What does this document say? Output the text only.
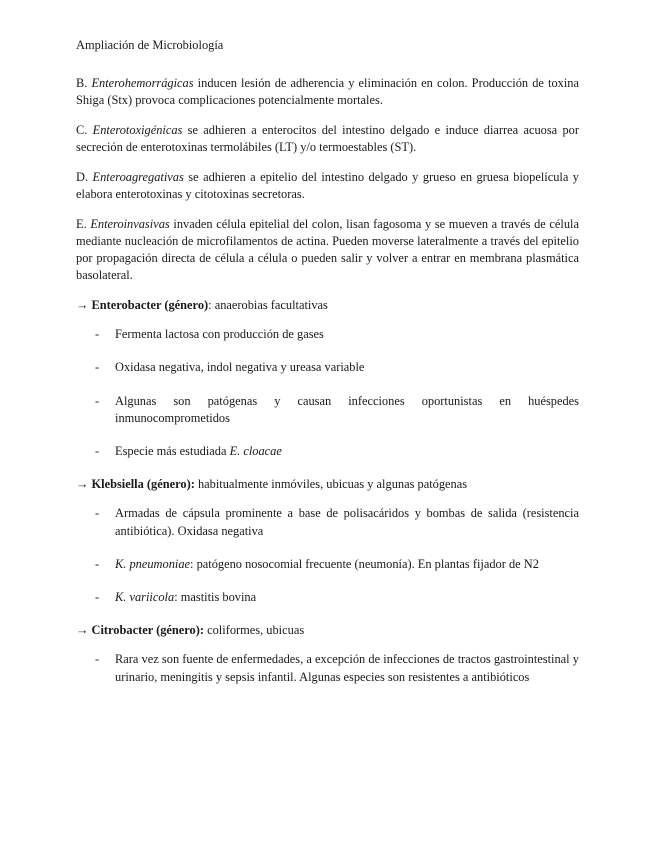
Ampliación de Microbiología

B. Enterohemorrágicas inducen lesión de adherencia y eliminación en colon. Producción de toxina Shiga (Stx) provoca complicaciones potencialmente mortales.

C. Enterotoxigénicas se adhieren a enterocitos del intestino delgado e induce diarrea acuosa por secreción de enterotoxinas termolábiles (LT) y/o termoestables (ST).

D. Enteroagregativas se adhieren a epitelio del intestino delgado y grueso en gruesa biopelícula y elabora enterotoxinas y citotoxinas secretoras.

E. Enteroinvasivas invaden célula epitelial del colon, lisan fagosoma y se mueven a través de célula mediante nucleación de microfilamentos de actina. Pueden moverse lateralmente a través del epitelio por propagación directa de célula a célula o pueden salir y volver a entrar en membrana plasmática basolateral.

→ Enterobacter (género): anaerobias facultativas

- Fermenta lactosa con producción de gases
- Oxidasa negativa, indol negativa y ureasa variable
- Algunas son patógenas y causan infecciones oportunistas en huéspedes inmunocomprometidos
- Especie más estudiada E. cloacae

→ Klebsiella (género): habitualmente inmóviles, ubicuas y algunas patógenas

- Armadas de cápsula prominente a base de polisacáridos y bombas de salida (resistencia antibiótica). Oxidasa negativa
- K. pneumoniae: patógeno nosocomial frecuente (neumonía). En plantas fijador de N2
- K. variicola: mastitis bovina

→ Citrobacter (género): coliformes, ubicuas

- Rara vez son fuente de enfermedades, a excepción de infecciones de tractos gastrointestinal y urinario, meningitis y sepsis infantil. Algunas especies son resistentes a antibióticos
